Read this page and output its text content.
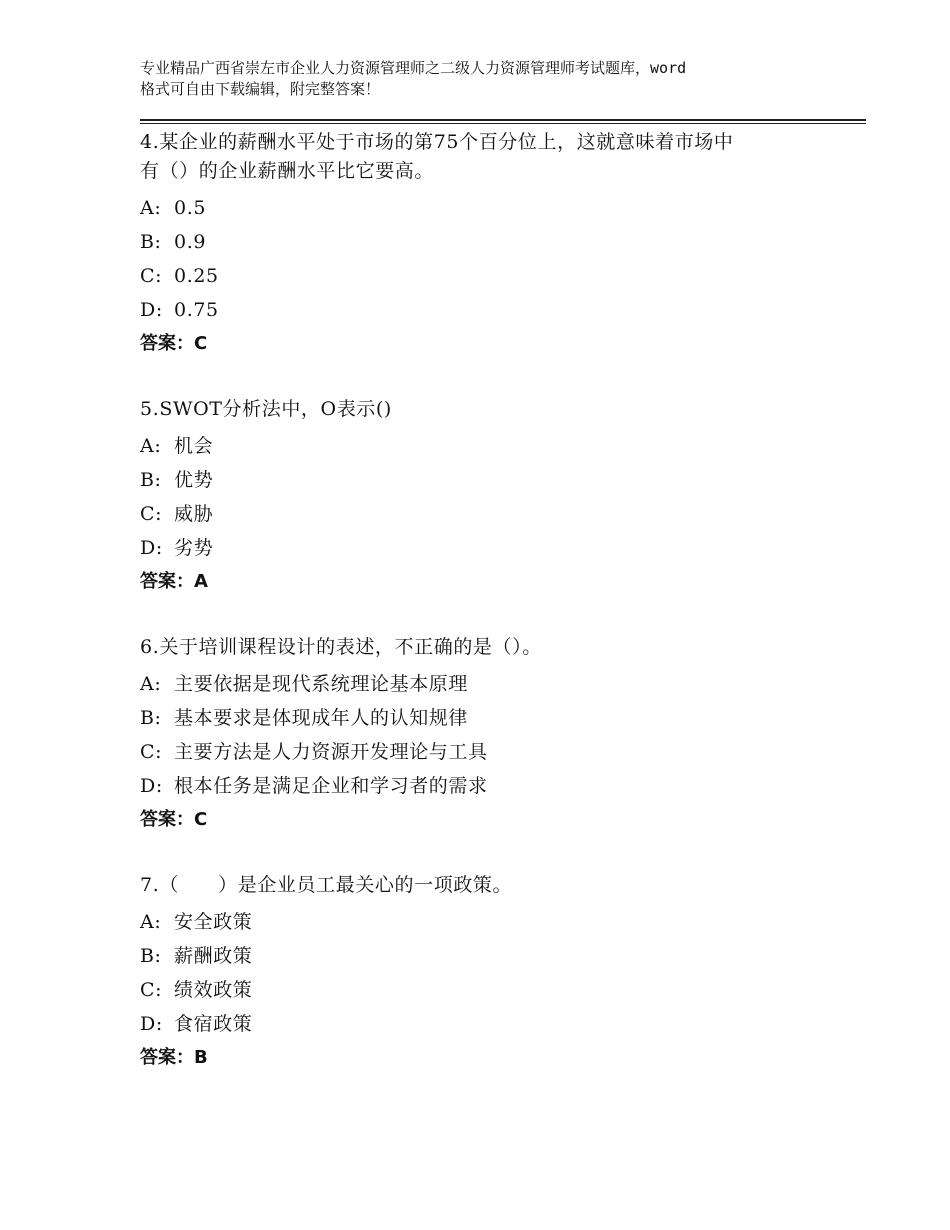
专业精品广西省崇左市企业人力资源管理师之二级人力资源管理师考试题库，word
格式可自由下载编辑，附完整答案！
4.某企业的薪酬水平处于市场的第75个百分位上，这就意味着市场中
有（）的企业薪酬水平比它要高。
A: 0.5
B: 0.9
C: 0.25
D: 0.75
答案：C
5.SWOT分析法中，O表示()
A: 机会
B: 优势
C: 威胁
D: 劣势
答案：A
6.关于培训课程设计的表述，不正确的是（）。
A: 主要依据是现代系统理论基本原理
B: 基本要求是体现成年人的认知规律
C: 主要方法是人力资源开发理论与工具
D: 根本任务是满足企业和学习者的需求
答案：C
7.（　　）是企业员工最关心的一项政策。
A: 安全政策
B: 薪酬政策
C: 绩效政策
D: 食宿政策
答案：B
